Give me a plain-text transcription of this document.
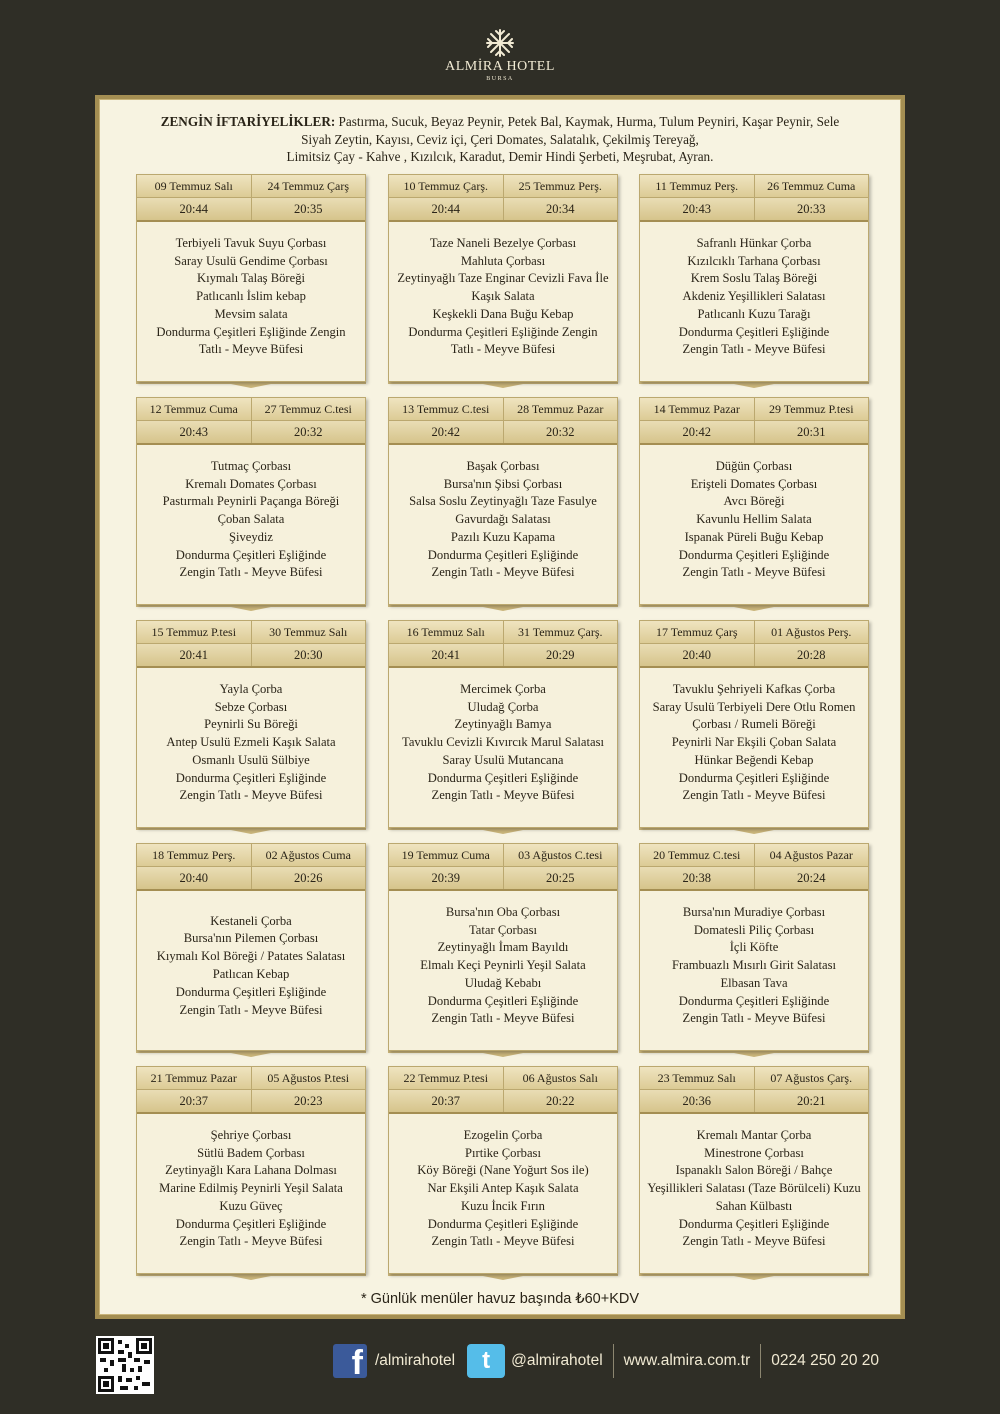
ALMİRA HOTEL
BURSA
ZENGİN İFTARİYELİKLER: Pastırma, Sucuk, Beyaz Peynir, Petek Bal, Kaymak, Hurma, Tulum Peyniri, Kaşar Peynir, Sele
Siyah Zeytin, Kayısı, Ceviz içi, Çeri Domates, Salatalık, Çekilmiş Tereyağ,
Limitsiz Çay - Kahve , Kızılcık, Karadut, Demir Hindi Şerbeti, Meşrubat, Ayran.
09 Temmuz Salı	24 Temmuz Çarş
20:44	20:35
Terbiyeli Tavuk Suyu Çorbası
Saray Usulü Gendime Çorbası
Kıymalı Talaş Böreği
Patlıcanlı İslim kebap
Mevsim salata
Dondurma Çeşitleri Eşliğinde Zengin
Tatlı - Meyve Büfesi
10 Temmuz Çarş.	25 Temmuz Perş.
20:44	20:34
Taze Naneli Bezelye Çorbası
Mahluta Çorbası
Zeytinyağlı Taze Enginar Cevizli Fava İle
Kaşık Salata
Keşkekli Dana Buğu Kebap
Dondurma Çeşitleri Eşliğinde Zengin
Tatlı - Meyve Büfesi
11 Temmuz Perş.	26 Temmuz Cuma
20:43	20:33
Safranlı Hünkar Çorba
Kızılcıklı Tarhana Çorbası
Krem Soslu Talaş Böreği
Akdeniz Yeşillikleri Salatası
Patlıcanlı Kuzu Tarağı
Dondurma Çeşitleri Eşliğinde
Zengin Tatlı - Meyve Büfesi
12 Temmuz Cuma	27 Temmuz C.tesi
20:43	20:32
Tutmaç Çorbası
Kremalı Domates Çorbası
Pastırmalı Peynirli Paçanga Böreği
Çoban Salata
Şiveydiz
Dondurma Çeşitleri Eşliğinde
Zengin Tatlı - Meyve Büfesi
13 Temmuz C.tesi	28 Temmuz Pazar
20:42	20:32
Başak Çorbası
Bursa'nın Şibsi Çorbası
Salsa Soslu Zeytinyağlı Taze Fasulye
Gavurdağı Salatası
Pazılı Kuzu Kapama
Dondurma Çeşitleri Eşliğinde
Zengin Tatlı - Meyve Büfesi
14 Temmuz Pazar	29 Temmuz P.tesi
20:42	20:31
Düğün Çorbası
Erişteli Domates Çorbası
Avcı Böreği
Kavunlu Hellim Salata
Ispanak Püreli Buğu Kebap
Dondurma Çeşitleri Eşliğinde
Zengin Tatlı - Meyve Büfesi
15 Temmuz P.tesi	30 Temmuz Salı
20:41	20:30
Yayla Çorba
Sebze Çorbası
Peynirli Su Böreği
Antep Usulü Ezmeli Kaşık Salata
Osmanlı Usulü Sülbiye
Dondurma Çeşitleri Eşliğinde
Zengin Tatlı - Meyve Büfesi
16 Temmuz Salı	31 Temmuz Çarş.
20:41	20:29
Mercimek Çorba
Uludağ Çorba
Zeytinyağlı Bamya
Tavuklu Cevizli Kıvırcık Marul Salatası
Saray Usulü Mutancana
Dondurma Çeşitleri Eşliğinde
Zengin Tatlı - Meyve Büfesi
17 Temmuz Çarş	01 Ağustos Perş.
20:40	20:28
Tavuklu Şehriyeli Kafkas Çorba
Saray Usulü Terbiyeli Dere Otlu Romen
Çorbası / Rumeli Böreği
Peynirli Nar Ekşili Çoban Salata
Hünkar Beğendi Kebap
Dondurma Çeşitleri Eşliğinde
Zengin Tatlı - Meyve Büfesi
18 Temmuz Perş.	02 Ağustos Cuma
20:40	20:26
Kestaneli Çorba
Bursa'nın Pilemen Çorbası
Kıymalı Kol Böreği / Patates Salatası
Patlıcan Kebap
Dondurma Çeşitleri Eşliğinde
Zengin Tatlı - Meyve Büfesi
19 Temmuz Cuma	03 Ağustos C.tesi
20:39	20:25
Bursa'nın Oba Çorbası
Tatar Çorbası
Zeytinyağlı İmam Bayıldı
Elmalı Keçi Peynirli Yeşil Salata
Uludağ Kebabı
Dondurma Çeşitleri Eşliğinde
Zengin Tatlı - Meyve Büfesi
20 Temmuz C.tesi	04 Ağustos Pazar
20:38	20:24
Bursa'nın Muradiye Çorbası
Domatesli Piliç Çorbası
İçli Köfte
Frambuazlı Mısırlı Girit Salatası
Elbasan Tava
Dondurma Çeşitleri Eşliğinde
Zengin Tatlı - Meyve Büfesi
21 Temmuz Pazar	05 Ağustos P.tesi
20:37	20:23
Şehriye Çorbası
Sütlü Badem Çorbası
Zeytinyağlı Kara Lahana Dolması
Marine Edilmiş Peynirli Yeşil Salata
Kuzu Güveç
Dondurma Çeşitleri Eşliğinde
Zengin Tatlı - Meyve Büfesi
22 Temmuz P.tesi	06 Ağustos Salı
20:37	20:22
Ezogelin Çorba
Pırtike Çorbası
Köy Böreği (Nane Yoğurt Sos ile)
Nar Ekşili Antep Kaşık Salata
Kuzu İncik Fırın
Dondurma Çeşitleri Eşliğinde
Zengin Tatlı - Meyve Büfesi
23 Temmuz Salı	07 Ağustos Çarş.
20:36	20:21
Kremalı Mantar Çorba
Minestrone Çorbası
Ispanaklı Salon Böreği / Bahçe
Yeşillikleri Salatası (Taze Börülceli) Kuzu
Sahan Külbastı
Dondurma Çeşitleri Eşliğinde
Zengin Tatlı - Meyve Büfesi
* Günlük menüler havuz başında ₺60+KDV
f /almirahotel	t	@almirahotel www.almira.com.tr 0224 250 20 20
